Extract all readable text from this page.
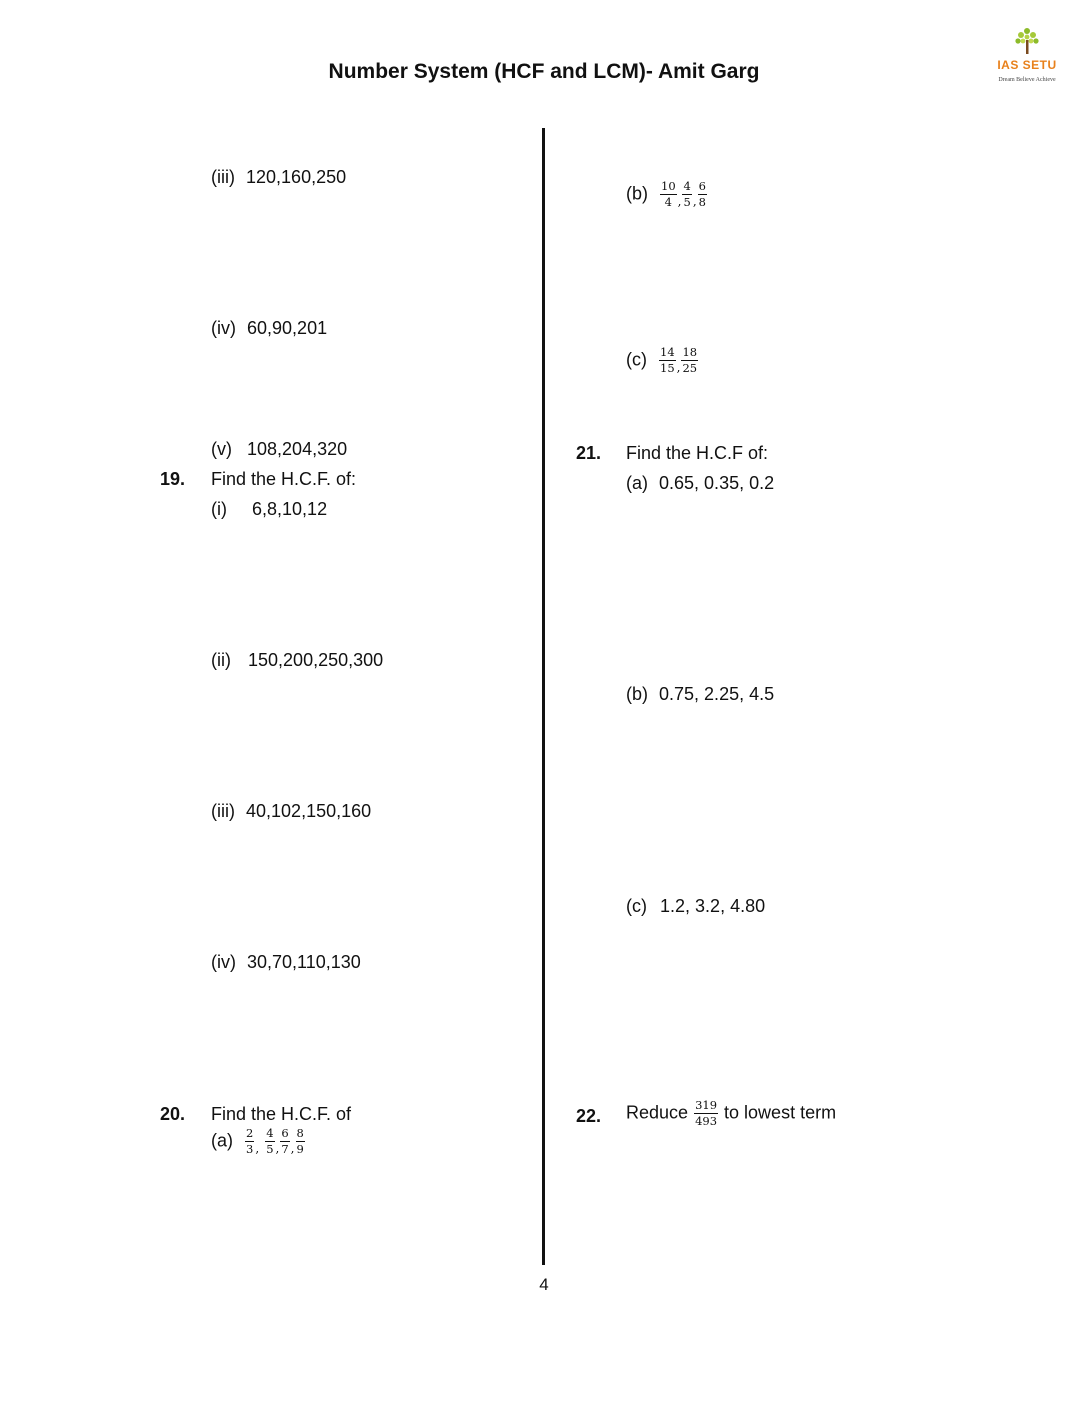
Number System (HCF and LCM)- Amit Garg	IAS SETU
Dream Believe Achieve
(iii) 120,160,250
(iv) 60,90,201
(v) 108,204,320
19. Find the H.C.F. of:
(i) 6,8,10,12
(ii) 150,200,250,300
(iii) 40,102,150,160
(iv) 30,70,110,130
20. Find the H.C.F. of
$(a) \frac{2}{3} _, \frac{4}{5} _, \frac{6}{7} _, \frac{8}{9}$
$(b) \frac{10}{4} _, \frac{4}{5} _, \frac{6}{8}$
$(c) \frac{14}{15} _, \frac{18}{25}$
21. Find the H.C.F of:
(a) 0.65, 0.35, 0.2
(b) 0.75, 2.25, 4.5
(c) 1.2, 3.2, 4.80
22. Reduce $\frac{319}{493}$ to lowest term
4
